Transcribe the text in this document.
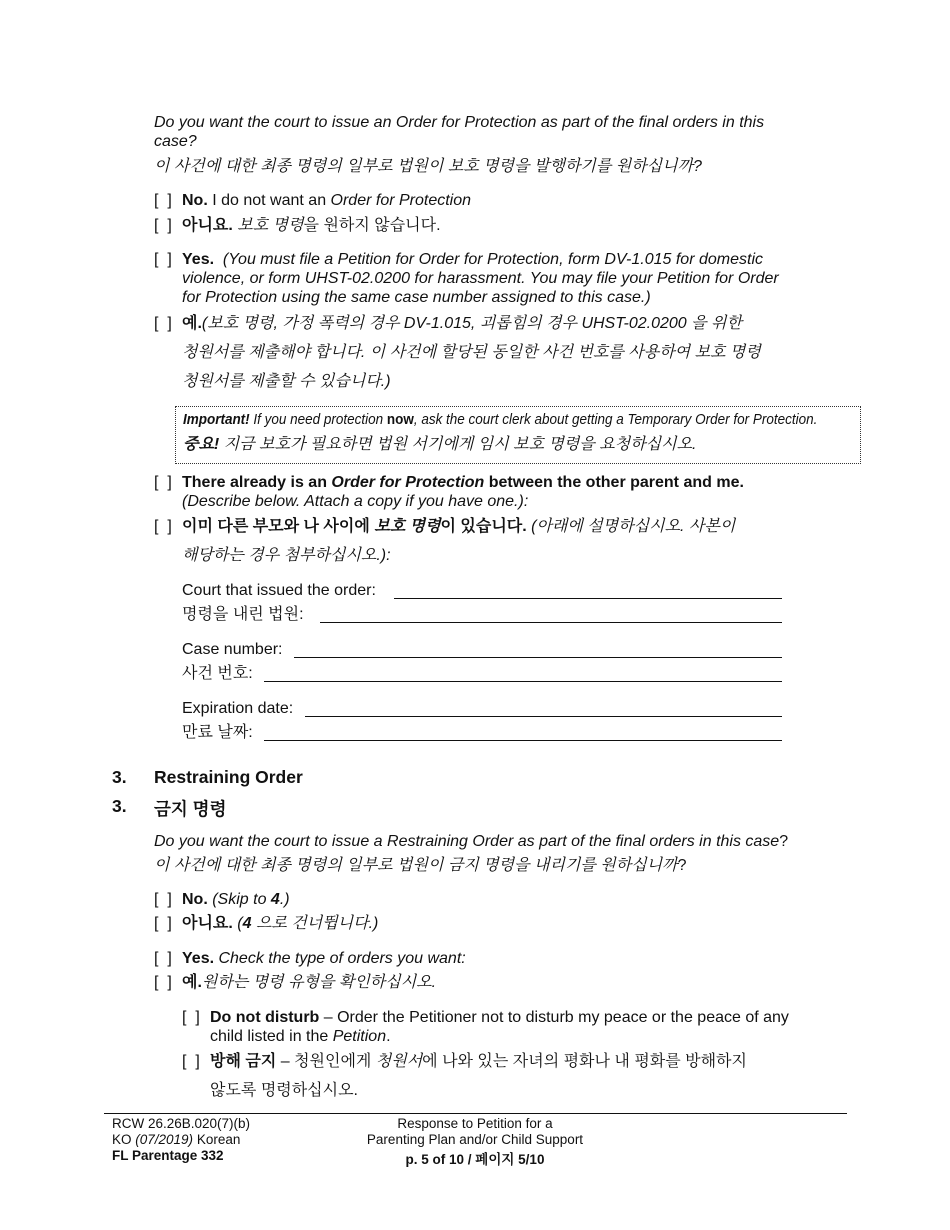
Do you want the court to issue an Order for Protection as part of the final orders in this
case?
이 사건에 대한 최종 명령의 일부로 법원이 보호 명령을 발행하기를 원하십니까?
[  ] No. I do not want an Order for Protection
[  ] 아니요. 보호 명령을 원하지 않습니다.
[  ] Yes. (You must file a Petition for Order for Protection, form DV-1.015 for domestic
violence, or form UHST-02.0200 for harassment. You may file your Petition for Order
for Protection using the same case number assigned to this case.)
[  ] 예.(보호 명령, 가정 폭력의 경우 DV-1.015, 괴롭힘의 경우 UHST-02.0200 을 위한
청원서를 제출해야 합니다. 이 사건에 할당된 동일한 사건 번호를 사용하여 보호 명령
청원서를 제출할 수 있습니다.)
Important! If you need protection now, ask the court clerk about getting a Temporary Order for Protection.
중요! 지금 보호가 필요하면 법원 서기에게 임시 보호 명령을 요청하십시오.
[  ] There already is an Order for Protection between the other parent and me.
(Describe below. Attach a copy if you have one.):
[  ] 이미 다른 부모와 나 사이에 보호 명령이 있습니다. (아래에 설명하십시오. 사본이
해당하는 경우 첨부하십시오.):
Court that issued the order:
명령을 내린 법원:
Case number:
사건 번호:
Expiration date:
만료 날짜:
3. Restraining Order
3. 금지 명령
Do you want the court to issue a Restraining Order as part of the final orders in this case?
이 사건에 대한 최종 명령의 일부로 법원이 금지 명령을 내리기를 원하십니까?
[  ] No. (Skip to 4.)
[  ] 아니요. (4 으로 건너뜁니다.)
[  ] Yes. Check the type of orders you want:
[  ] 예.원하는 명령 유형을 확인하십시오.
[  ] Do not disturb – Order the Petitioner not to disturb my peace or the peace of any
child listed in the Petition.
[  ] 방해 금지 – 청원인에게 청원서에 나와 있는 자녀의 평화나 내 평화를 방해하지
않도록 명령하십시오.
RCW 26.26B.020(7)(b)
KO (07/2019) Korean
FL Parentage 332
Response to Petition for a
Parenting Plan and/or Child Support
p. 5 of 10 / 페이지 5/10
